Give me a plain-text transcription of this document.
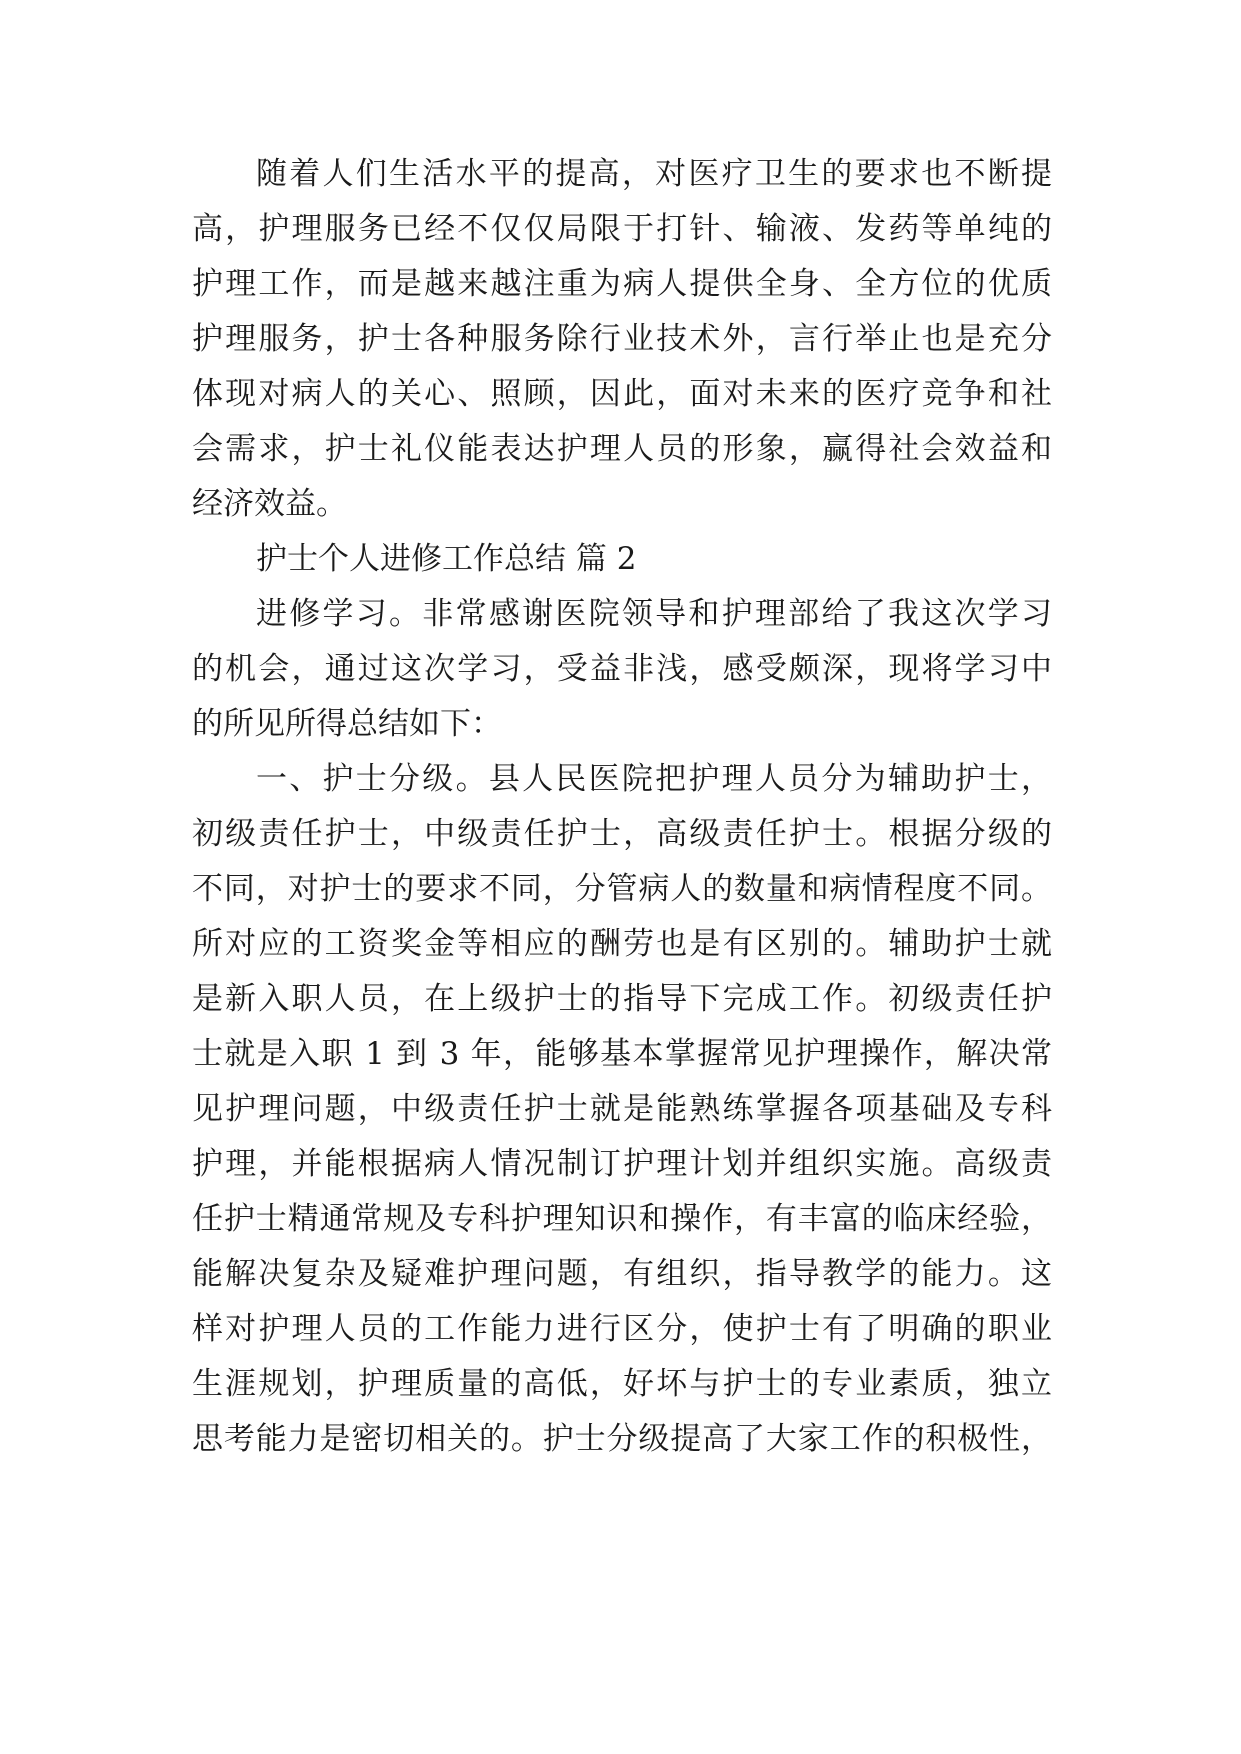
随着人们生活水平的提高，对医疗卫生的要求也不断提
高，护理服务已经不仅仅局限于打针、输液、发药等单纯的
护理工作，而是越来越注重为病人提供全身、全方位的优质
护理服务，护士各种服务除行业技术外，言行举止也是充分
体现对病人的关心、照顾，因此，面对未来的医疗竞争和社
会需求，护士礼仪能表达护理人员的形象，赢得社会效益和
经济效益。
护士个人进修工作总结 篇 2
进修学习。非常感谢医院领导和护理部给了我这次学习
的机会，通过这次学习，受益非浅，感受颇深，现将学习中
的所见所得总结如下：
一、护士分级。县人民医院把护理人员分为辅助护士，
初级责任护士，中级责任护士，高级责任护士。根据分级的
不同，对护士的要求不同，分管病人的数量和病情程度不同。
所对应的工资奖金等相应的酬劳也是有区别的。辅助护士就
是新入职人员，在上级护士的指导下完成工作。初级责任护
士就是入职 1 到 3 年，能够基本掌握常见护理操作，解决常
见护理问题，中级责任护士就是能熟练掌握各项基础及专科
护理，并能根据病人情况制订护理计划并组织实施。高级责
任护士精通常规及专科护理知识和操作，有丰富的临床经验，
能解决复杂及疑难护理问题，有组织，指导教学的能力。这
样对护理人员的工作能力进行区分，使护士有了明确的职业
生涯规划，护理质量的高低，好坏与护士的专业素质，独立
思考能力是密切相关的。护士分级提高了大家工作的积极性，
